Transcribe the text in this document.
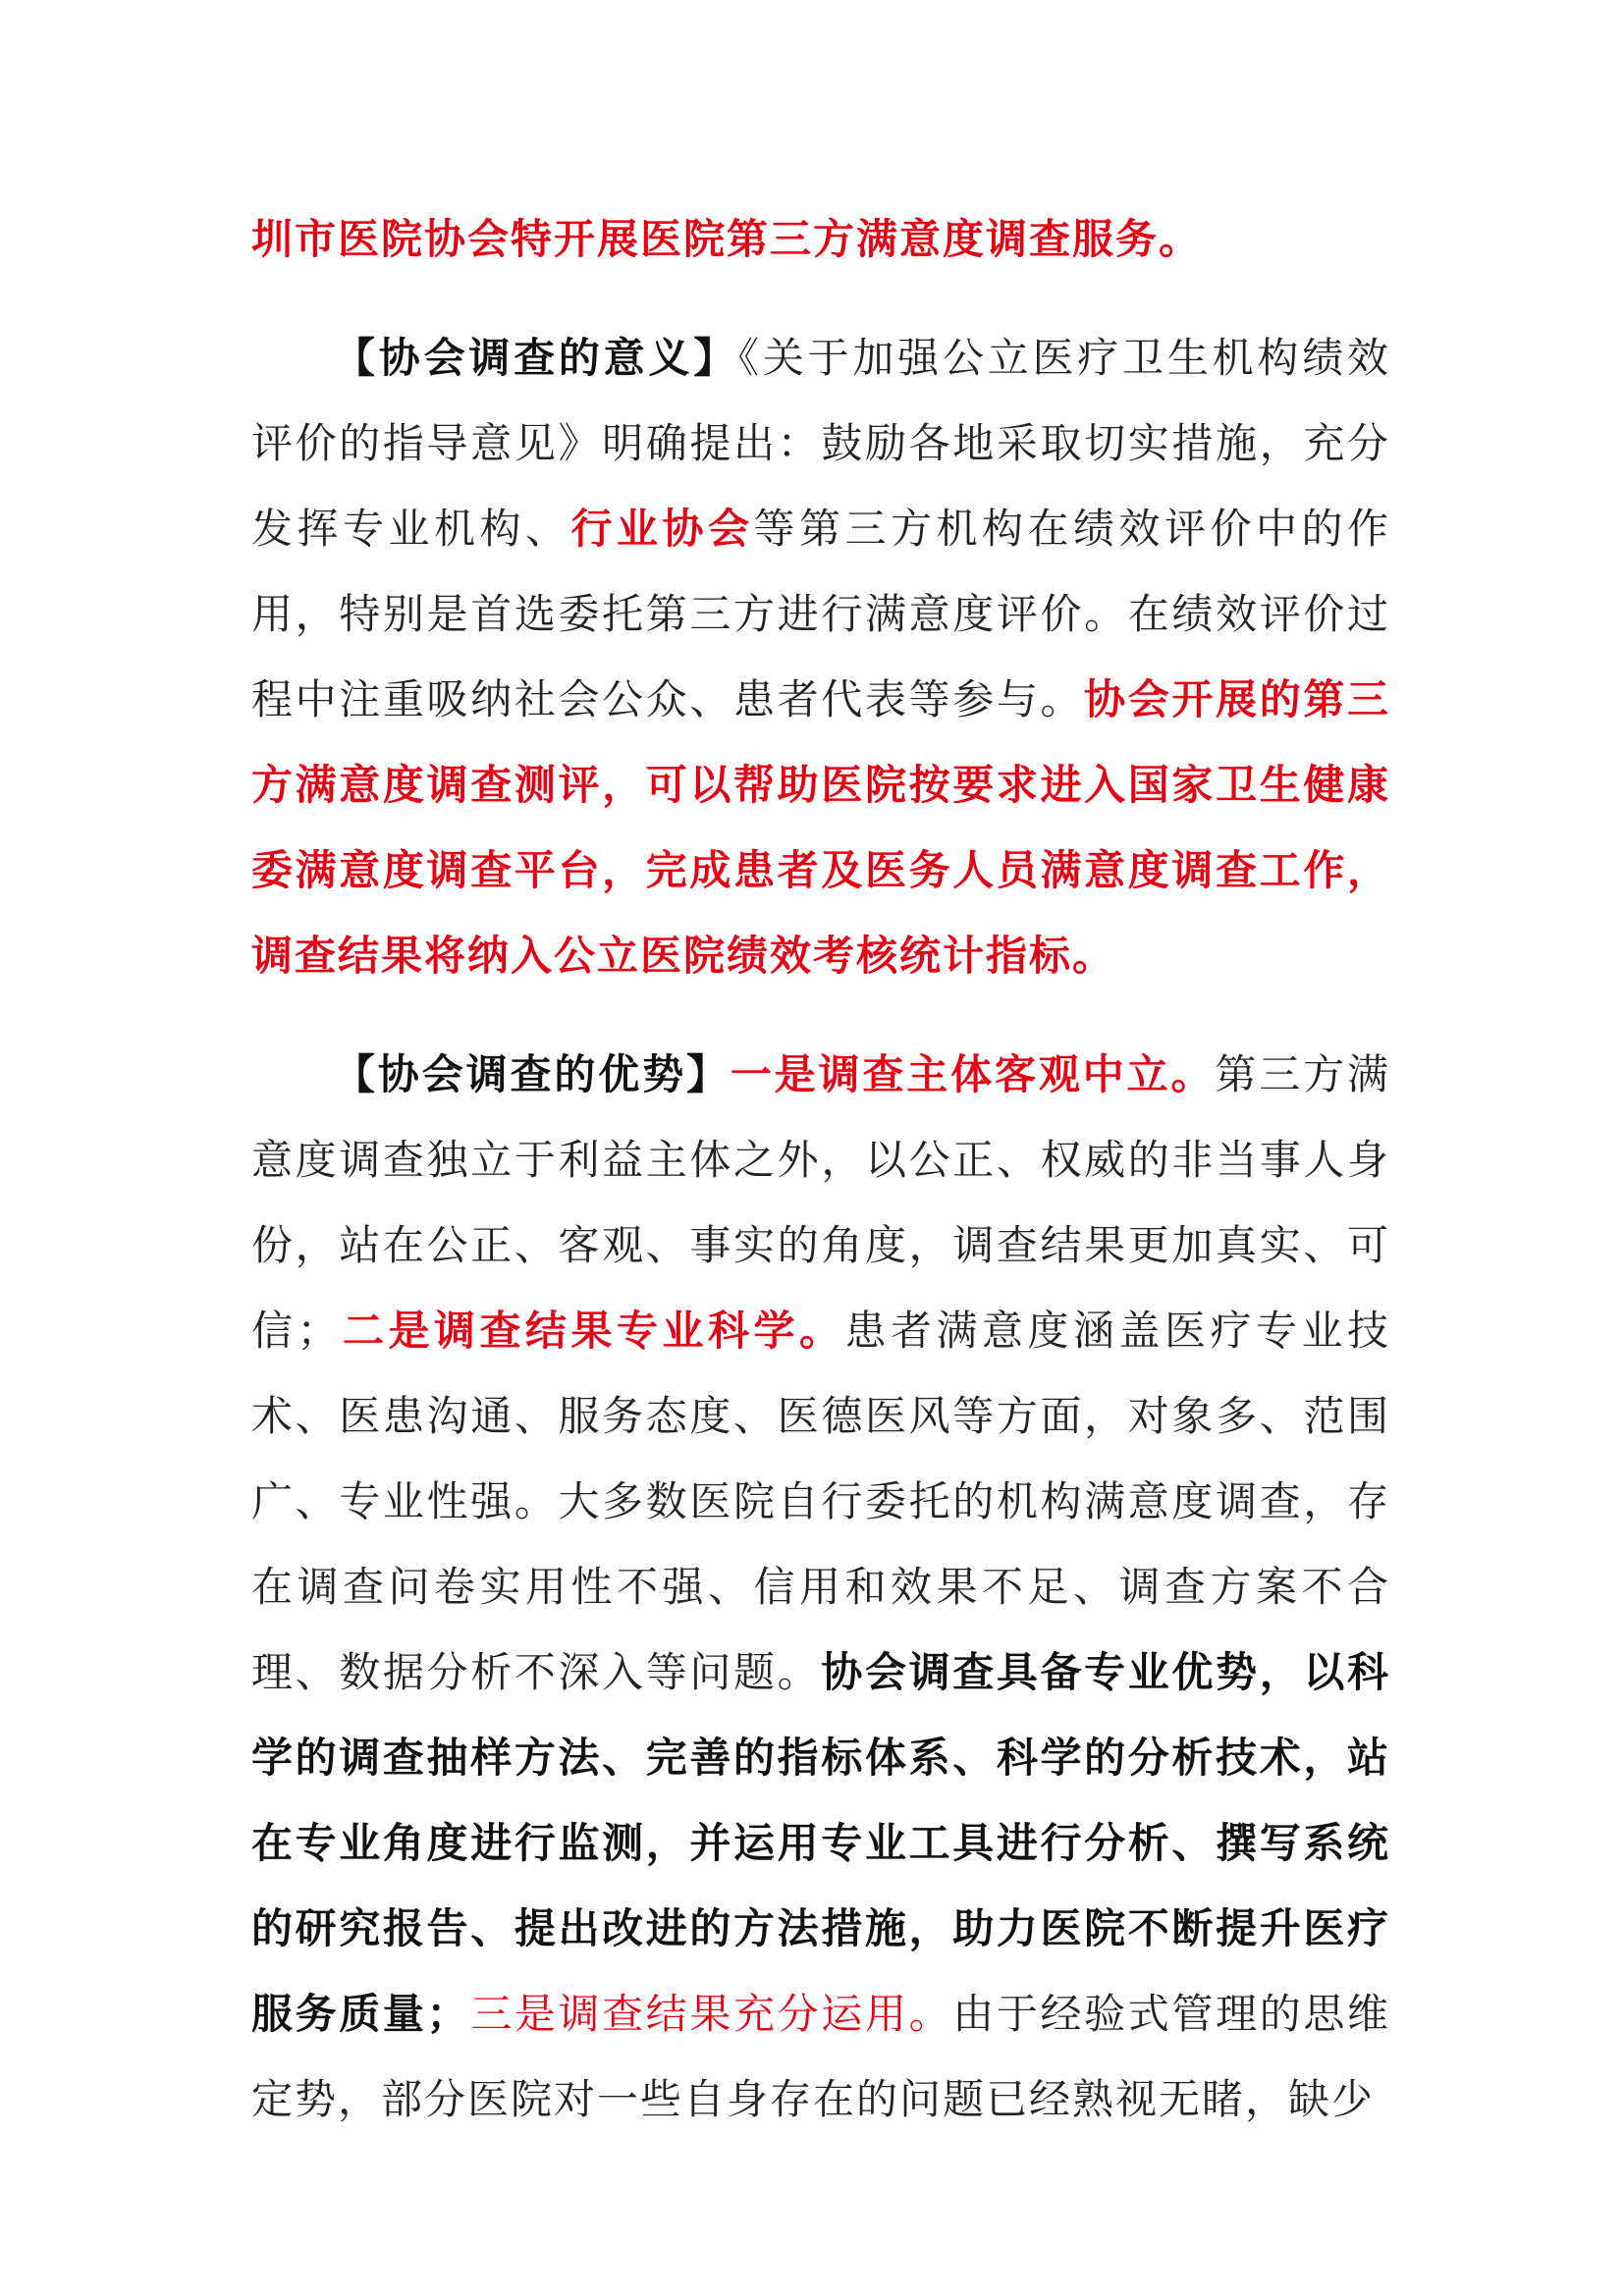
圳市医院协会特开展医院第三方满意度调查服务。

【协会调查的意义】《关于加强公立医疗卫生机构绩效评价的指导意见》明确提出：鼓励各地采取切实措施，充分发挥专业机构、行业协会等第三方机构在绩效评价中的作用，特别是首选委托第三方进行满意度评价。在绩效评价过程中注重吸纳社会公众、患者代表等参与。协会开展的第三方满意度调查测评，可以帮助医院按要求进入国家卫生健康委满意度调查平台，完成患者及医务人员满意度调查工作，调查结果将纳入公立医院绩效考核统计指标。

【协会调查的优势】一是调查主体客观中立。第三方满意度调查独立于利益主体之外，以公正、权威的非当事人身份，站在公正、客观、事实的角度，调查结果更加真实、可信；二是调查结果专业科学。患者满意度涵盖医疗专业技术、医患沟通、服务态度、医德医风等方面，对象多、范围广、专业性强。大多数医院自行委托的机构满意度调查，存在调查问卷实用性不强、信用和效果不足、调查方案不合理、数据分析不深入等问题。协会调查具备专业优势，以科学的调查抽样方法、完善的指标体系、科学的分析技术，站在专业角度进行监测，并运用专业工具进行分析、撰写系统的研究报告、提出改进的方法措施，助力医院不断提升医疗服务质量；三是调查结果充分运用。由于经验式管理的思维定势，部分医院对一些自身存在的问题已经熟视无睹，缺少
